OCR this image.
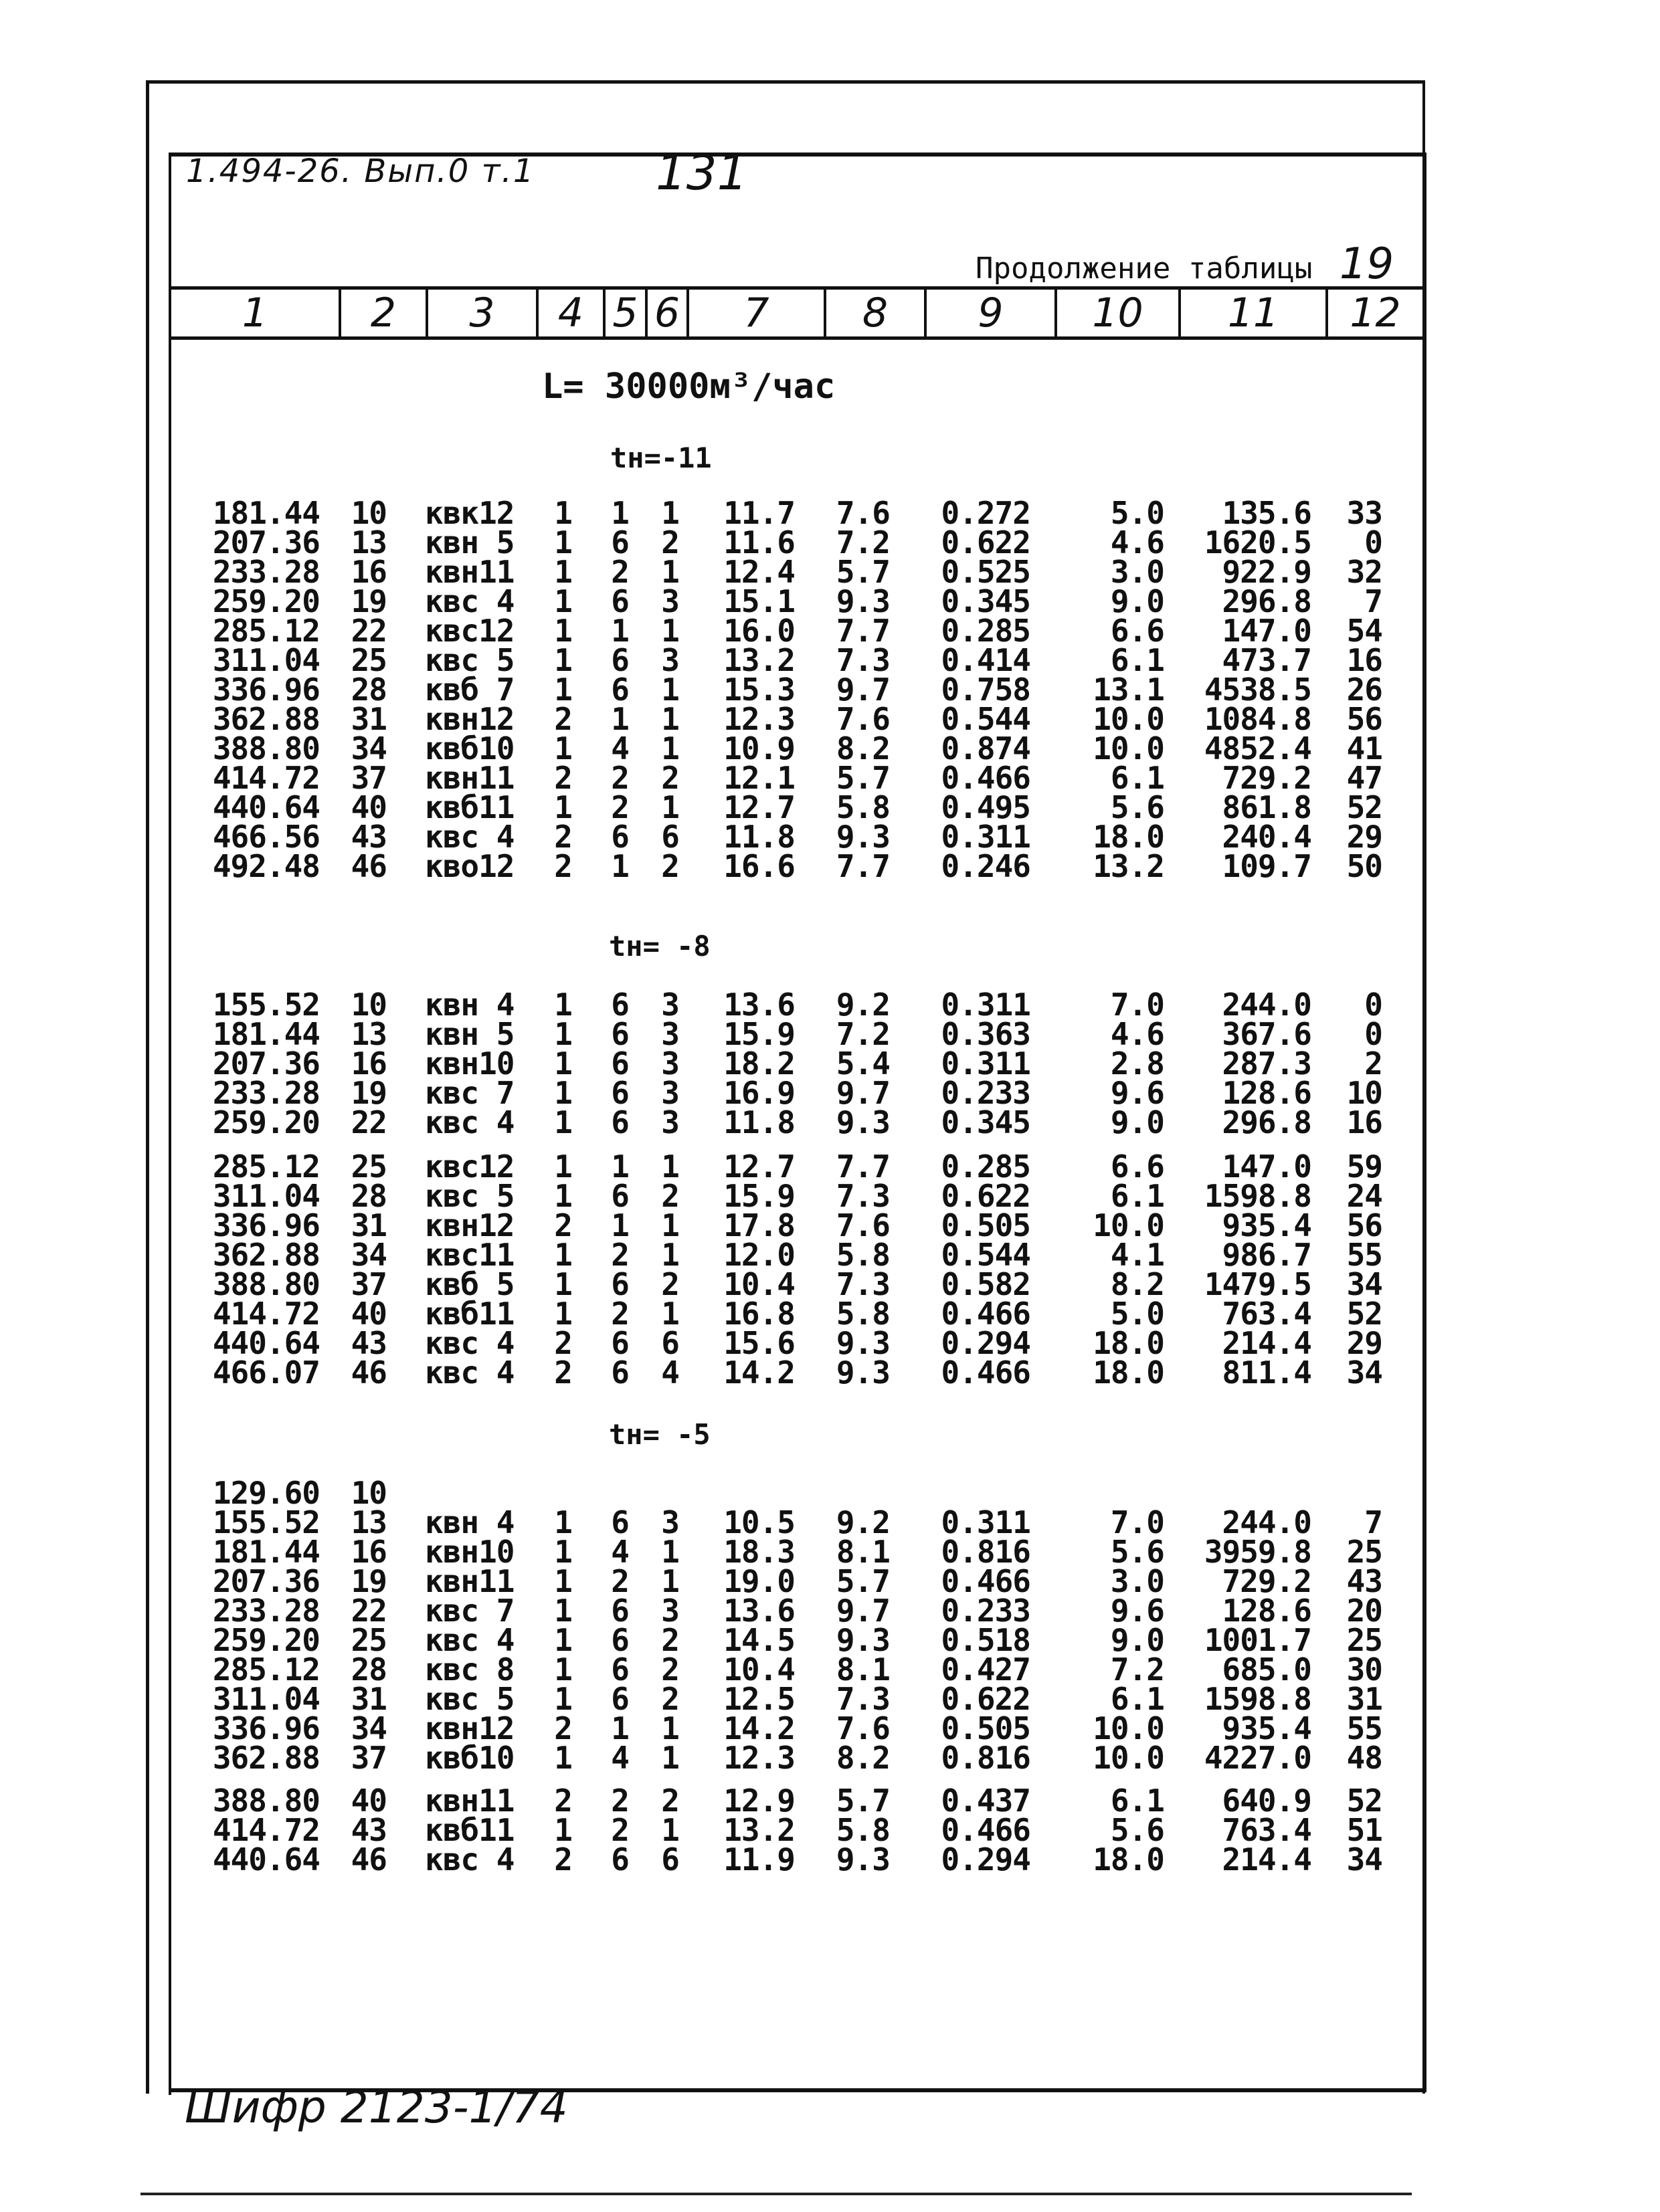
1.494-26. Вып.0 т.1	131
Продолжение таблицы 19
1	2	3	4 5 6	7	8	9	10	11	12
L= 30000м³/час
tн=-11
181.44 10 квк12 1 1 1 11.7 7.6 0.272	5.0 135.6 33
207.36 13 квн 5 1 6 2 11.6 7.2 0.622	4.6 1620.5 0
233.28 16 квн11 1 2 1 12.4 5.7 0.525	3.0 922.9 32
259.20 19 квс 4 1 6 3 15.1 9.3 0.345	9.0 296.8 7
285.12 22 квс12 1 1 1 16.0 7.7 0.285	6.6 147.0 54
311.04 25 квс 5 1 6 3 13.2 7.3 0.414	6.1 473.7 16
336.96 28 квб 7 1 6 1 15.3 9.7 0.758 13.1 4538.5 26
362.88 31 квн12 2 1 1 12.3 7.6 0.544 10.0 1084.8 56
388.80 34 квб10 1 4 1 10.9 8.2 0.874 10.0 4852.4 41
414.72 37 квн11 2 2 2 12.1 5.7 0.466	6.1 729.2 47
440.64 40 квб11 1 2 1 12.7 5.8 0.495	5.6 861.8 52
466.56 43 квс 4 2 6 6 11.8 9.3 0.311 18.0 240.4 29
492.48 46 кво12 2 1 2 16.6 7.7 0.246 13.2 109.7 50
tн= -8
155.52 10 квн 4 1 6 3 13.6 9.2 0.311	7.0 244.0 0
181.44 13 квн 5 1 6 3 15.9 7.2 0.363	4.6 367.6 0
207.36 16 квн10 1 6 3 18.2 5.4 0.311	2.8 287.3 2
233.28 19 квс 7 1 6 3 16.9 9.7 0.233	9.6 128.6 10
259.20 22 квс 4 1 6 3 11.8 9.3 0.345	9.0 296.8 16
285.12 25 квс12 1 1 1 12.7 7.7 0.285	6.6 147.0 59
311.04 28 квс 5 1 6 2 15.9 7.3 0.622	6.1 1598.8 24
336.96 31 квн12 2 1 1 17.8 7.6 0.505 10.0 935.4 56
362.88 34 квс11 1 2 1 12.0 5.8 0.544	4.1 986.7 55
388.80 37 квб 5 1 6 2 10.4 7.3 0.582	8.2 1479.5 34
414.72 40 квб11 1 2 1 16.8 5.8 0.466	5.0 763.4 52
440.64 43 квс 4 2 6 6 15.6 9.3 0.294 18.0 214.4 29
466.07 46 квс 4 2 6 4 14.2 9.3 0.466 18.0 811.4 34
tн= -5
129.60 10
155.52 13 квн 4 1 6 3 10.5 9.2 0.311	7.0 244.0 7
181.44 16 квн10 1 4 1 18.3 8.1 0.816	5.6 3959.8 25
207.36 19 квн11 1 2 1 19.0 5.7 0.466	3.0 729.2 43
233.28 22 квс 7 1 6 3 13.6 9.7 0.233	9.6 128.6 20
259.20 25 квс 4 1 6 2 14.5 9.3 0.518	9.0 1001.7 25
285.12 28 квс 8 1 6 2 10.4 8.1 0.427	7.2 685.0 30
311.04 31 квс 5 1 6 2 12.5 7.3 0.622	6.1 1598.8 31
336.96 34 квн12 2 1 1 14.2 7.6 0.505 10.0 935.4 55
362.88 37 квб10 1 4 1 12.3 8.2 0.816 10.0 4227.0 48
388.80 40 квн11 2 2 2 12.9 5.7 0.437	6.1 640.9 52
414.72 43 квб11 1 2 1 13.2 5.8 0.466	5.6 763.4 51
440.64 46 квс 4 2 6 6 11.9 9.3 0.294 18.0 214.4 34
Шифр 2123-1/74
